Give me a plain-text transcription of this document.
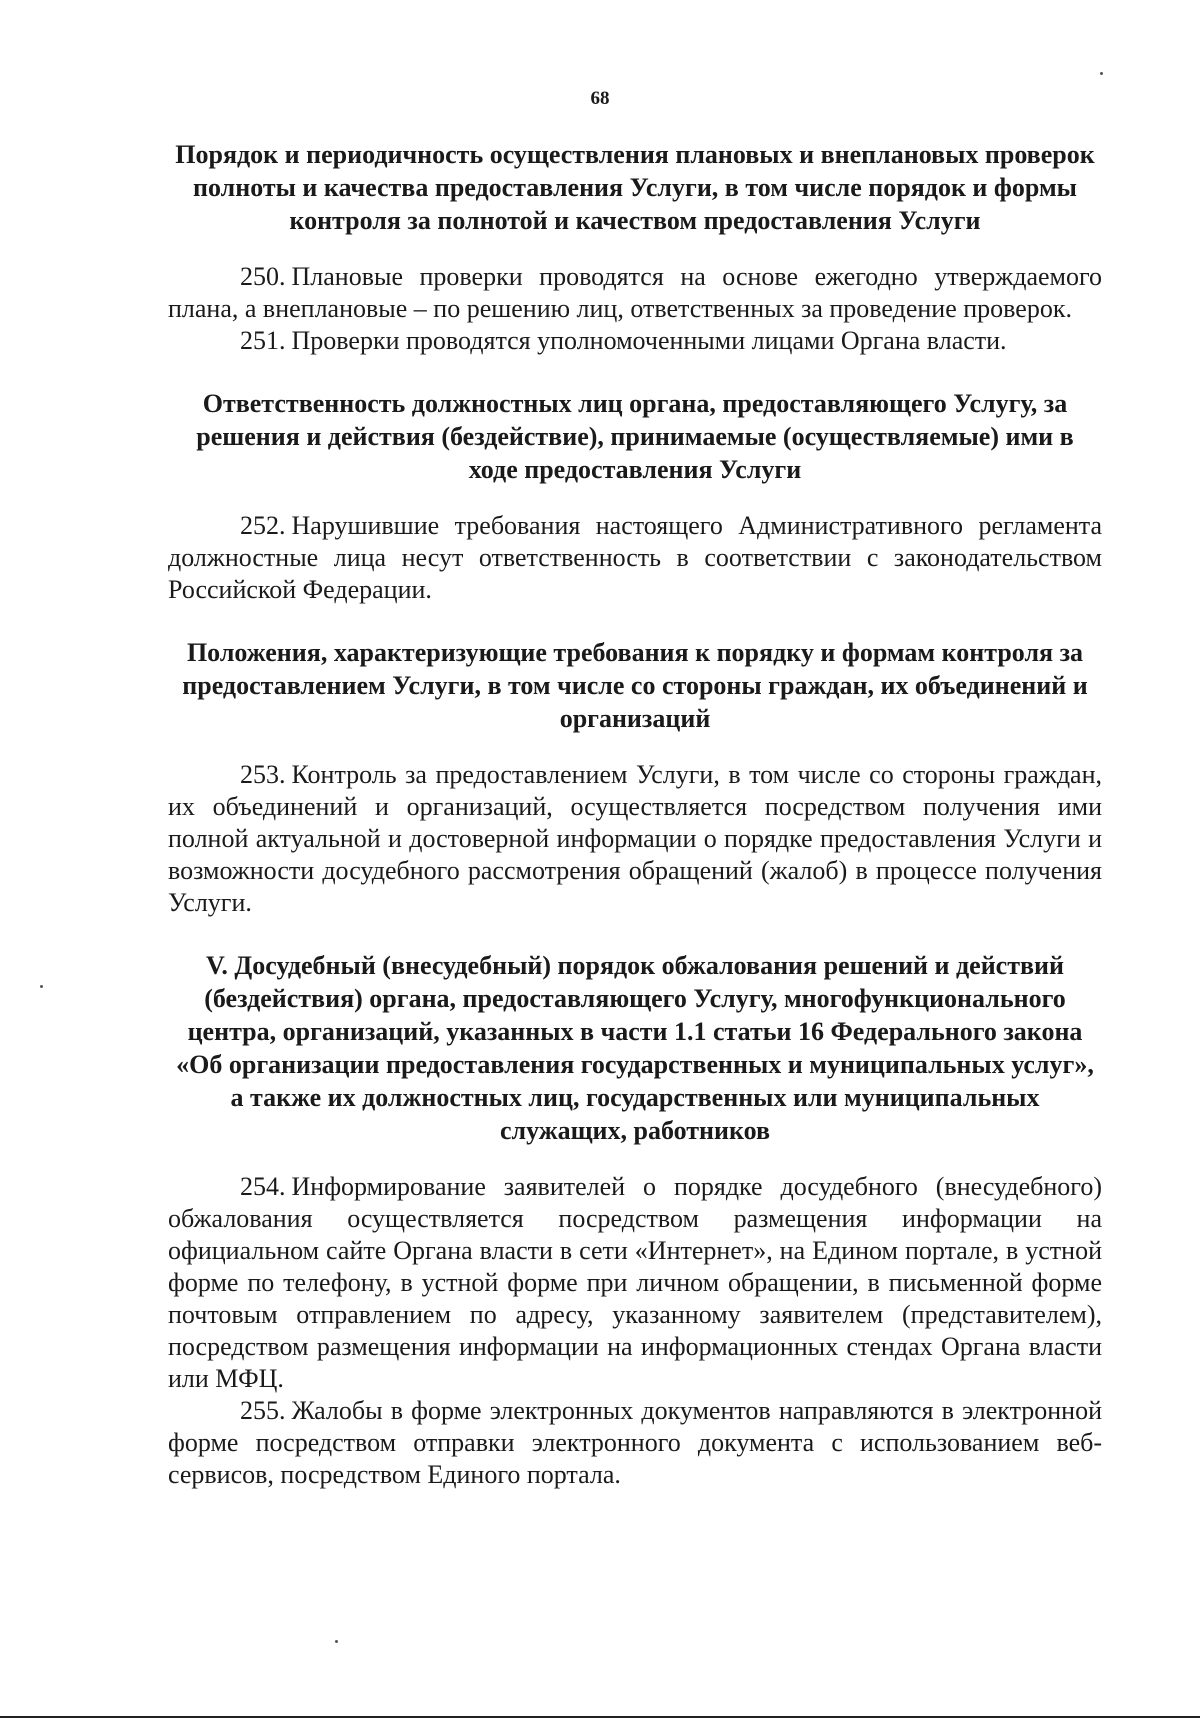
68
Порядок и периодичность осуществления плановых и внеплановых проверок полноты и качества предоставления Услуги, в том числе порядок и формы контроля за полнотой и качеством предоставления Услуги

250. Плановые проверки проводятся на основе ежегодно утверждаемого плана, а внеплановые – по решению лиц, ответственных за проведение проверок.

251. Проверки проводятся уполномоченными лицами Органа власти.

Ответственность должностных лиц органа, предоставляющего Услугу, за решения и действия (бездействие), принимаемые (осуществляемые) ими в ходе предоставления Услуги

252. Нарушившие требования настоящего Административного регламента должностные лица несут ответственность в соответствии с законодательством Российской Федерации.

Положения, характеризующие требования к порядку и формам контроля за предоставлением Услуги, в том числе со стороны граждан, их объединений и организаций

253. Контроль за предоставлением Услуги, в том числе со стороны граждан, их объединений и организаций, осуществляется посредством получения ими полной актуальной и достоверной информации о порядке предоставления Услуги и возможности досудебного рассмотрения обращений (жалоб) в процессе получения Услуги.

V. Досудебный (внесудебный) порядок обжалования решений и действий (бездействия) органа, предоставляющего Услугу, многофункционального центра, организаций, указанных в части 1.1 статьи 16 Федерального закона «Об организации предоставления государственных и муниципальных услуг», а также их должностных лиц, государственных или муниципальных служащих, работников

254. Информирование заявителей о порядке досудебного (внесудебного) обжалования осуществляется посредством размещения информации на официальном сайте Органа власти в сети «Интернет», на Едином портале, в устной форме по телефону, в устной форме при личном обращении, в письменной форме почтовым отправлением по адресу, указанному заявителем (представителем), посредством размещения информации на информационных стендах Органа власти или МФЦ.

255. Жалобы в форме электронных документов направляются в электронной форме посредством отправки электронного документа с использованием веб-сервисов, посредством Единого портала.
